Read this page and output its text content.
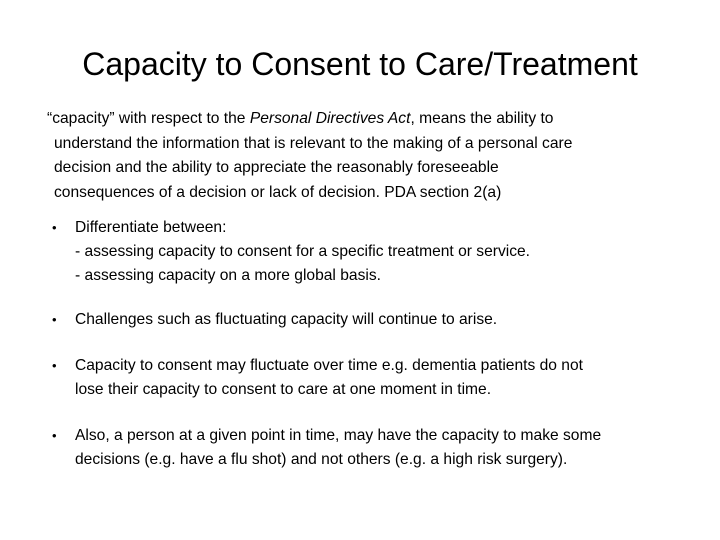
Capacity to Consent to Care/Treatment
“capacity” with respect to the Personal Directives Act, means the ability to
understand the information that is relevant to the making of a personal care
decision and the ability to appreciate the reasonably foreseeable
consequences of a decision or lack of decision. PDA section 2(a)
• Differentiate between:
- assessing capacity to consent for a specific treatment or service.
- assessing capacity on a more global basis.
• Challenges such as fluctuating capacity will continue to arise.
• Capacity to consent may fluctuate over time e.g. dementia patients do not
lose their capacity to consent to care at one moment in time.
• Also, a person at a given point in time, may have the capacity to make some
decisions (e.g. have a flu shot) and not others (e.g. a high risk surgery).
